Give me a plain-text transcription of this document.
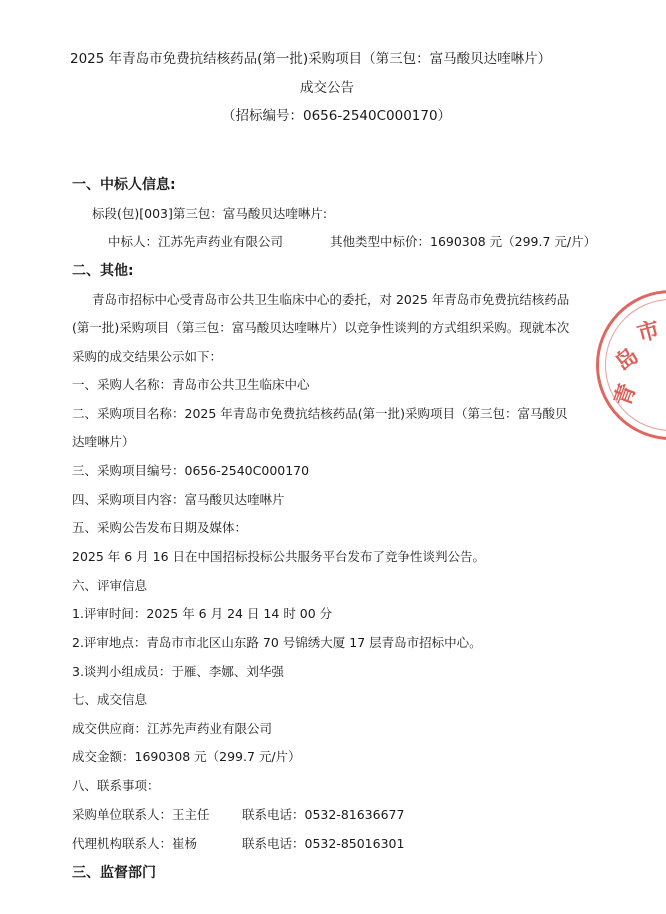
2025 年青岛市免费抗结核药品(第一批)采购项目（第三包：富马酸贝达喹啉片）
成交公告
（招标编号：0656-2540C000170）
一、中标人信息:
标段(包)[003]第三包：富马酸贝达喹啉片:
中标人：江苏先声药业有限公司	其他类型中标价：1690308 元（299.7 元/片）
二、其他:
青岛市招标中心受青岛市公共卫生临床中心的委托，对 2025 年青岛市免费抗结核药品
(第一批)采购项目（第三包：富马酸贝达喹啉片）以竞争性谈判的方式组织采购。现就本次
采购的成交结果公示如下：
一、采购人名称：青岛市公共卫生临床中心
二、采购项目名称：2025 年青岛市免费抗结核药品(第一批)采购项目（第三包：富马酸贝
达喹啉片）
三、采购项目编号：0656-2540C000170
四、采购项目内容：富马酸贝达喹啉片
五、采购公告发布日期及媒体：
2025 年 6 月 16 日在中国招标投标公共服务平台发布了竞争性谈判公告。
六、评审信息
1.评审时间：2025 年 6 月 24 日 14 时 00 分
2.评审地点：青岛市市北区山东路 70 号锦绣大厦 17 层青岛市招标中心。
3.谈判小组成员：于雁、李娜、刘华强
七、成交信息
成交供应商：江苏先声药业有限公司
成交金额：1690308 元（299.7 元/片）
八、联系事项：
采购单位联系人：王主任	联系电话：0532-81636677
代理机构联系人：崔杨	联系电话：0532-85016301
三、监督部门
青
岛
市
